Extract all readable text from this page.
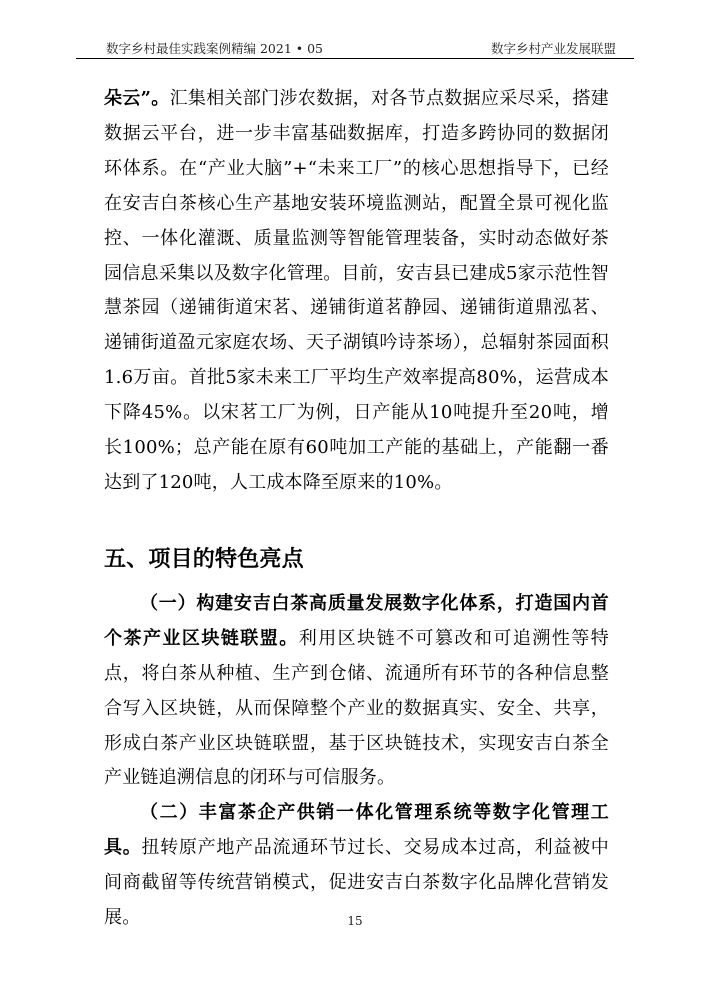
数字乡村最佳实践案例精编 2021 • 05	数字乡村产业发展联盟

朵云”。汇集相关部门涉农数据，对各节点数据应采尽采，搭建数据云平台，进一步丰富基础数据库，打造多跨协同的数据闭环体系。在“产业大脑”+“未来工厂”的核心思想指导下，已经在安吉白茶核心生产基地安装环境监测站，配置全景可视化监控、一体化灌溉、质量监测等智能管理装备，实时动态做好茶园信息采集以及数字化管理。目前，安吉县已建成5家示范性智慧茶园（递铺街道宋茗、递铺街道茗静园、递铺街道鼎泓茗、递铺街道盈元家庭农场、天子湖镇吟诗茶场），总辐射茶园面积1.6万亩。首批5家未来工厂平均生产效率提高80%，运营成本下降45%。以宋茗工厂为例，日产能从10吨提升至20吨，增长100%；总产能在原有60吨加工产能的基础上，产能翻一番达到了120吨，人工成本降至原来的10%。

五、项目的特色亮点

（一）构建安吉白茶高质量发展数字化体系，打造国内首个茶产业区块链联盟。利用区块链不可篡改和可追溯性等特点，将白茶从种植、生产到仓储、流通所有环节的各种信息整合写入区块链，从而保障整个产业的数据真实、安全、共享，形成白茶产业区块链联盟，基于区块链技术，实现安吉白茶全产业链追溯信息的闭环与可信服务。

（二）丰富茶企产供销一体化管理系统等数字化管理工具。扭转原产地产品流通环节过长、交易成本过高，利益被中间商截留等传统营销模式，促进安吉白茶数字化品牌化营销发展。	15
